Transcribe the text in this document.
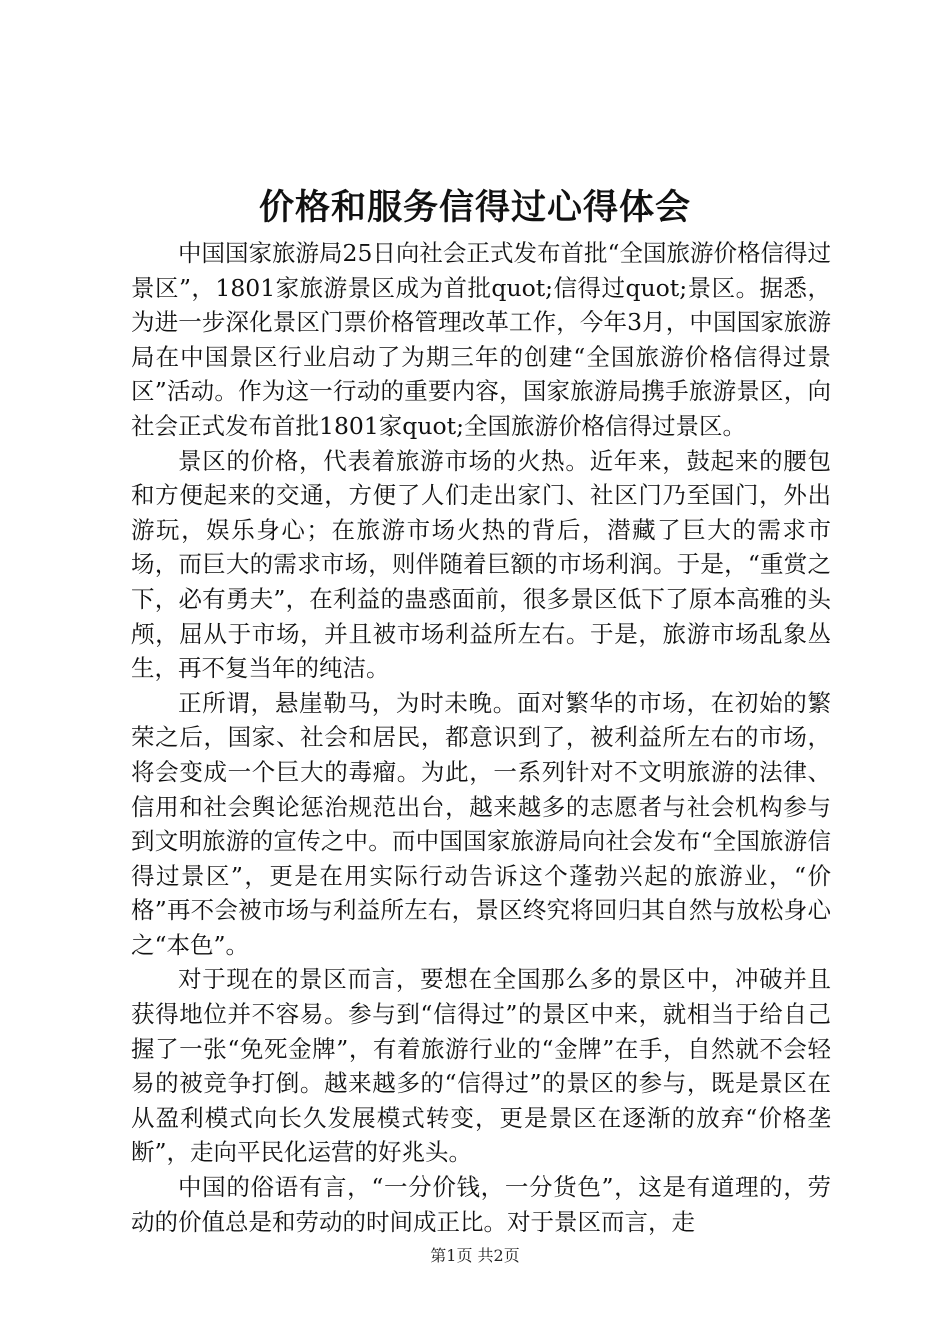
价格和服务信得过心得体会

中国国家旅游局25日向社会正式发布首批“全国旅游价格信得过景区”，1801家旅游景区成为首批quot;信得过quot;景区。据悉，为进一步深化景区门票价格管理改革工作，今年3月，中国国家旅游局在中国景区行业启动了为期三年的创建“全国旅游价格信得过景区”活动。作为这一行动的重要内容，国家旅游局携手旅游景区，向社会正式发布首批1801家quot;全国旅游价格信得过景区。

景区的价格，代表着旅游市场的火热。近年来，鼓起来的腰包和方便起来的交通，方便了人们走出家门、社区门乃至国门，外出游玩，娱乐身心；在旅游市场火热的背后，潜藏了巨大的需求市场，而巨大的需求市场，则伴随着巨额的市场利润。于是，“重赏之下，必有勇夫”，在利益的蛊惑面前，很多景区低下了原本高雅的头颅，屈从于市场，并且被市场利益所左右。于是，旅游市场乱象丛生，再不复当年的纯洁。

正所谓，悬崖勒马，为时未晚。面对繁华的市场，在初始的繁荣之后，国家、社会和居民，都意识到了，被利益所左右的市场，将会变成一个巨大的毒瘤。为此，一系列针对不文明旅游的法律、信用和社会舆论惩治规范出台，越来越多的志愿者与社会机构参与到文明旅游的宣传之中。而中国国家旅游局向社会发布“全国旅游信得过景区”，更是在用实际行动告诉这个蓬勃兴起的旅游业，“价格”再不会被市场与利益所左右，景区终究将回归其自然与放松身心之“本色”。

对于现在的景区而言，要想在全国那么多的景区中，冲破并且获得地位并不容易。参与到“信得过”的景区中来，就相当于给自己握了一张“免死金牌”，有着旅游行业的“金牌”在手，自然就不会轻易的被竞争打倒。越来越多的“信得过”的景区的参与，既是景区在从盈利模式向长久发展模式转变，更是景区在逐渐的放弃“价格垄断”，走向平民化运营的好兆头。

中国的俗语有言，“一分价钱，一分货色”，这是有道理的，劳动的价值总是和劳动的时间成正比。对于景区而言，走

第1页 共2页
